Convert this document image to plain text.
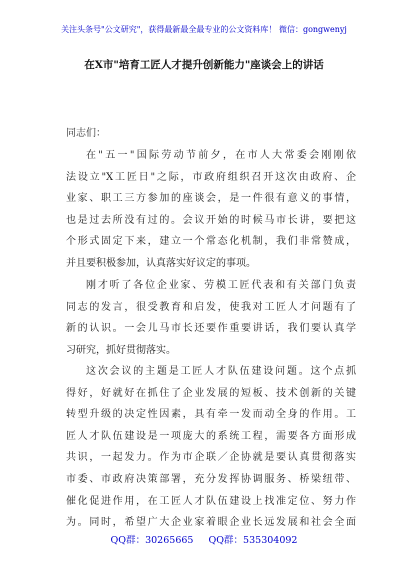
关注头条号"公文研究"，获得最新最全最专业的公文资料库！ 微信：gongwenyj
在X市"培育工匠人才提升创新能力"座谈会上的讲话
同志们：
在"五一"国际劳动节前夕，在市人大常委会刚刚依
法设立"X工匠日"之际，市政府组织召开这次由政府、企
业家、职工三方参加的座谈会，是一件很有意义的事情，
也是过去所没有过的。会议开始的时候马市长讲，要把这
个形式固定下来，建立一个常态化机制，我们非常赞成，
并且要积极参加，认真落实好议定的事项。
刚才听了各位企业家、劳模工匠代表和有关部门负责
同志的发言，很受教育和启发，使我对工匠人才问题有了
新的认识。一会儿马市长还要作重要讲话，我们要认真学
习研究，抓好贯彻落实。
这次会议的主题是工匠人才队伍建设问题。这个点抓
得好，好就好在抓住了企业发展的短板、技术创新的关键
转型升级的决定性因素，具有牵一发而动全身的作用。工
匠人才队伍建设是一项庞大的系统工程，需要各方面形成
共识，一起发力。作为市企联／企协就是要认真贯彻落实
市委、市政府决策部署，充分发挥协调服务、桥梁纽带、
催化促进作用，在工匠人才队伍建设上找准定位、努力作
为。同时，希望广大企业家着眼企业长远发展和社会全面
QQ群：30265665 QQ群：535304092
